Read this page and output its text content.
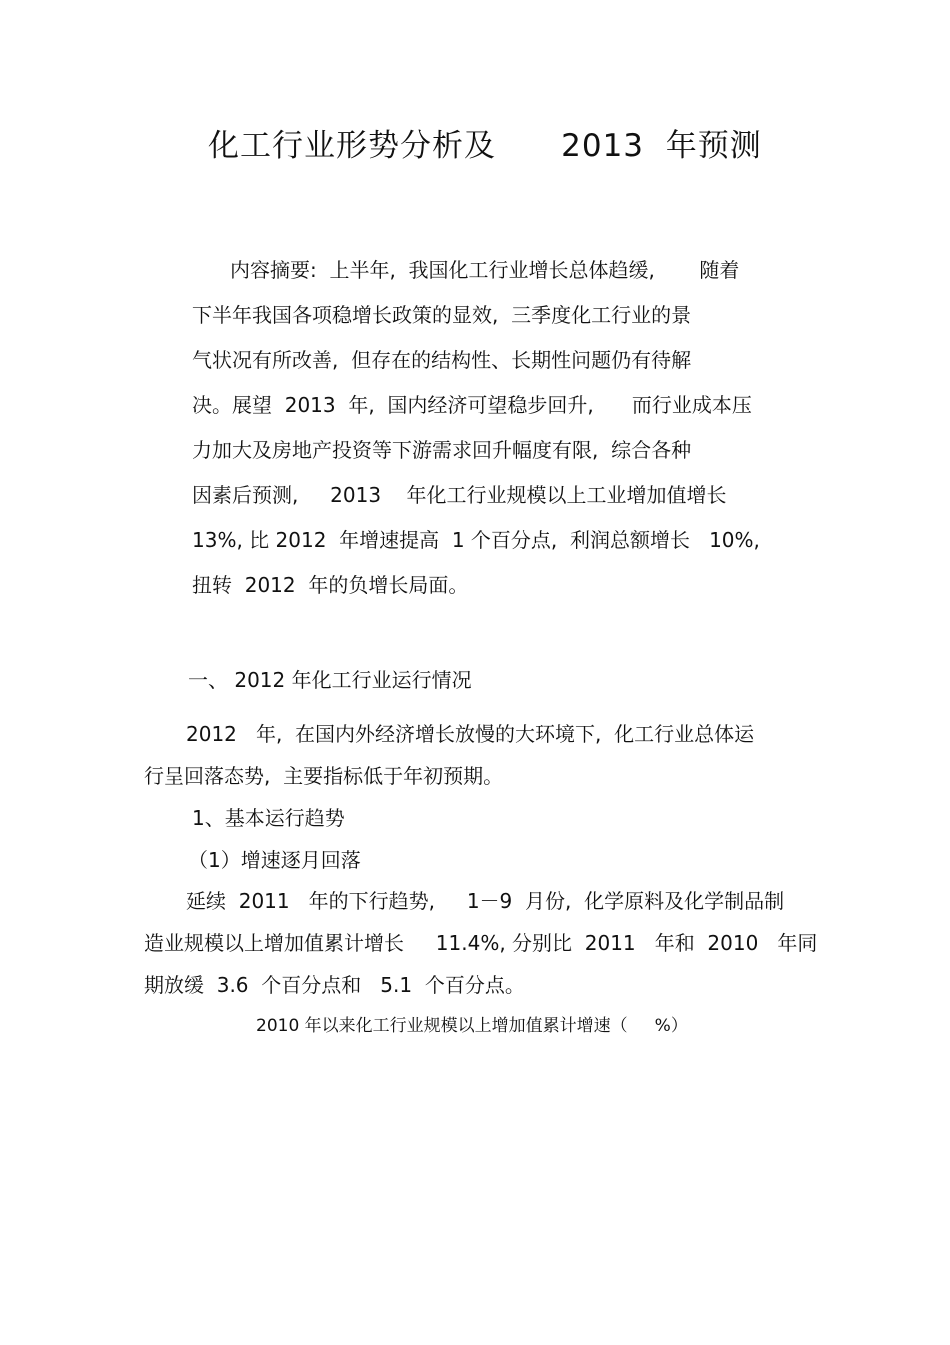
化工行业形势分析及      2013  年预测
内容摘要:  上半年,  我国化工行业增长总体趋缓,       随着
下半年我国各项稳增长政策的显效,  三季度化工行业的景
气状况有所改善,  但存在的结构性、长期性问题仍有待解
决。展望  2013  年,  国内经济可望稳步回升,      而行业成本压
力加大及房地产投资等下游需求回升幅度有限,  综合各种
因素后预测,     2013    年化工行业规模以上工业增加值增长
13%, 比 2012  年增速提高  1 个百分点,  利润总额增长   10%,
扭转  2012  年的负增长局面。
一、 2012 年化工行业运行情况
2012   年,  在国内外经济增长放慢的大环境下,  化工行业总体运
行呈回落态势,  主要指标低于年初预期。
1、基本运行趋势
（1）增速逐月回落
延续  2011   年的下行趋势,     1－9  月份,  化学原料及化学制品制
造业规模以上增加值累计增长     11.4%, 分别比  2011   年和  2010   年同
期放缓  3.6  个百分点和   5.1  个百分点。
2010 年以来化工行业规模以上增加值累计增速（     %）
